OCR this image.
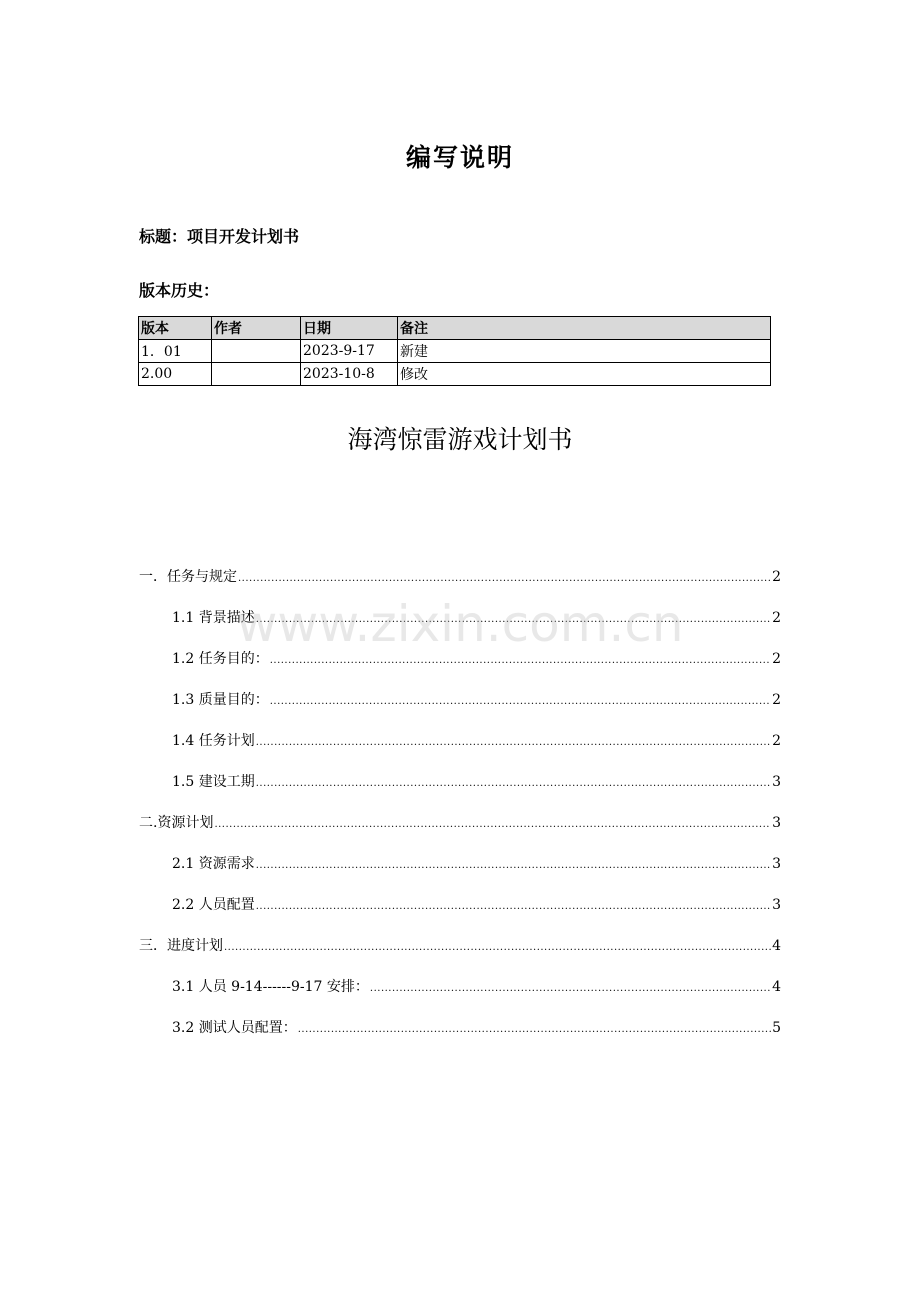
编写说明
标题：项目开发计划书
版本历史：
版本	作者	日期	备注
1．01		2023-9-17	新建
2.00		2023-10-8	修改
海湾惊雷游戏计划书
一．任务与规定 .....	2
1.1 背景描述 .....	2
1.2 任务目的： .....	2
1.3 质量目的： .....	2
1.4 任务计划 .....	2
1.5 建设工期 .....	3
二.资源计划 .....	3
2.1 资源需求 .....	3
2.2 人员配置 .....	3
三．进度计划 .....	4
3.1 人员 9-14------9-17 安排： .....	4
3.2 测试人员配置： .....	5
www.zixin.com.cn
